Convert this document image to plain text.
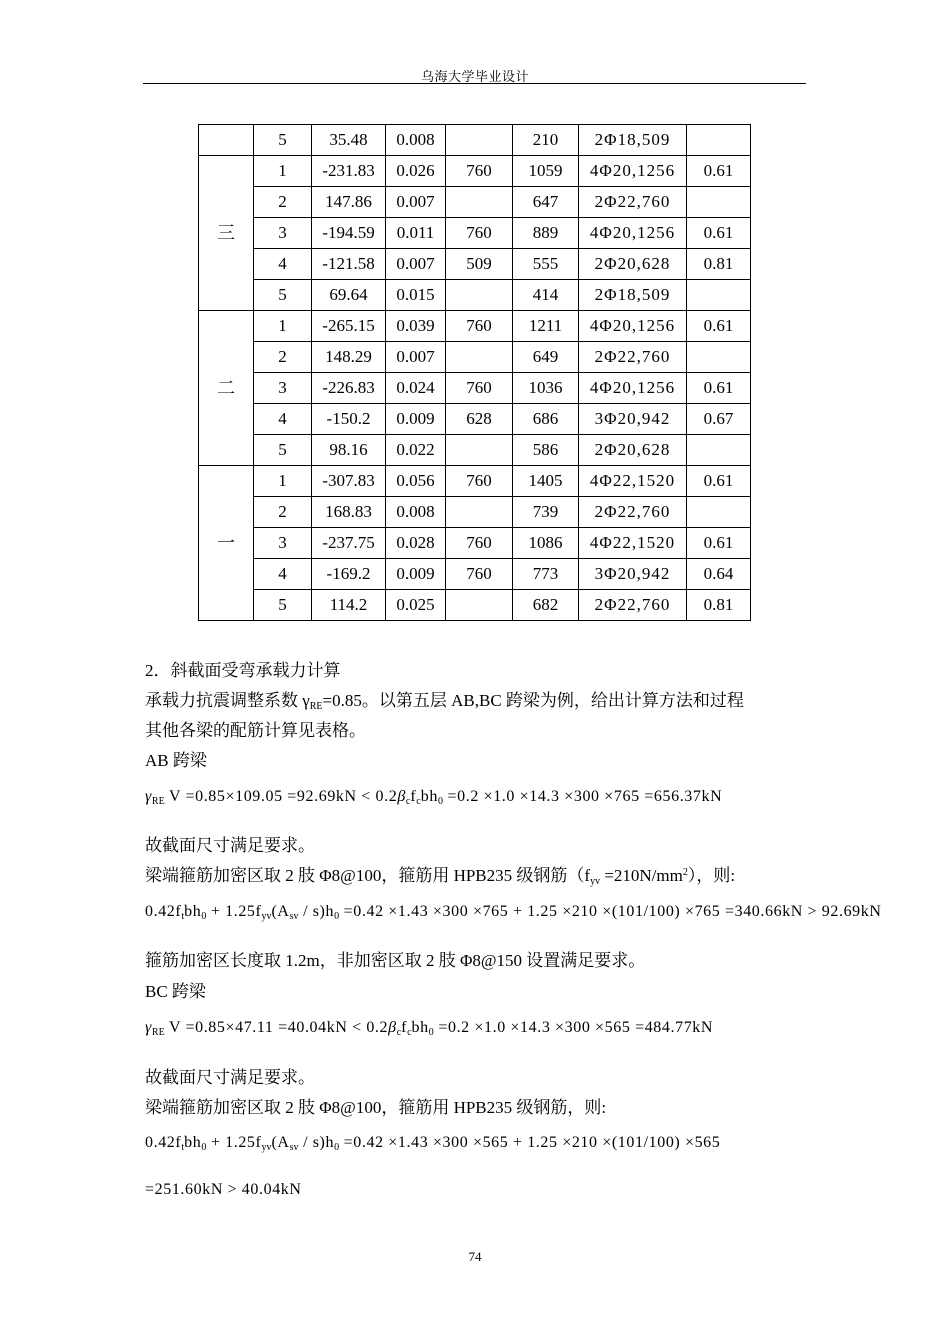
乌海大学毕业设计
	5	35.48	0.008		210	2Φ18,509	
三	1	-231.83	0.026	760	1059	4Φ20,1256	0.61
	2	147.86	0.007		647	2Φ22,760	
	3	-194.59	0.011	760	889	4Φ20,1256	0.61
	4	-121.58	0.007	509	555	2Φ20,628	0.81
	5	69.64	0.015		414	2Φ18,509	
二	1	-265.15	0.039	760	1211	4Φ20,1256	0.61
	2	148.29	0.007		649	2Φ22,760	
	3	-226.83	0.024	760	1036	4Φ20,1256	0.61
	4	-150.2	0.009	628	686	3Φ20,942	0.67
	5	98.16	0.022		586	2Φ20,628	
一	1	-307.83	0.056	760	1405	4Φ22,1520	0.61
	2	168.83	0.008		739	2Φ22,760	
	3	-237.75	0.028	760	1086	4Φ22,1520	0.61
	4	-169.2	0.009	760	773	3Φ20,942	0.64
	5	114.2	0.025		682	2Φ22,760	0.81
2．斜截面受弯承载力计算
承载力抗震调整系数 $\gamma_{RE}=0.85$。以第五层 AB,BC 跨梁为例，给出计算方法和过程
其他各梁的配筋计算见表格。
AB 跨梁
$\gamma_{RE}$ $V =0.85\times 109.05 =92.69kN < 0.2\beta_cf_cbh_0 =0.2 \times 1.0 \times 14.3 \times 300 \times 765 =656.37kN$
故截面尺寸满足要求。
梁端箍筋加密区取 2 肢 Φ8@100，箍筋用 HPB235 级钢筋$(f_{yv} =210N/mm^2)$，则:
$0.42f_tbh_0 + 1.25f_{yv}(A_{sv} / s)h_0 =0.42 \times 1.43 \times 300 \times 765 + 1.25 \times 210 \times(101/100) \times 765 =340.66kN > 92.69kN$
箍筋加密区长度取 1.2m，非加密区取 2 肢 Φ8@150 设置满足要求。
BC 跨梁
$\gamma_{RE}$ $V =0.85\times 47.11 =40.04kN < 0.2\beta_cf_cbh_0 =0.2 \times 1.0 \times 14.3 \times 300 \times 565 =484.77kN$
故截面尺寸满足要求。
梁端箍筋加密区取 2 肢 Φ8@100，箍筋用 HPB235 级钢筋，则:
$0.42f_tbh_0 + 1.25f_{yv}(A_{sv} / s)h_0 =0.42 \times 1.43 \times 300 \times 565 + 1.25 \times 210 \times(101/100) \times 565$
=251.60kN > 40.04kN
74
